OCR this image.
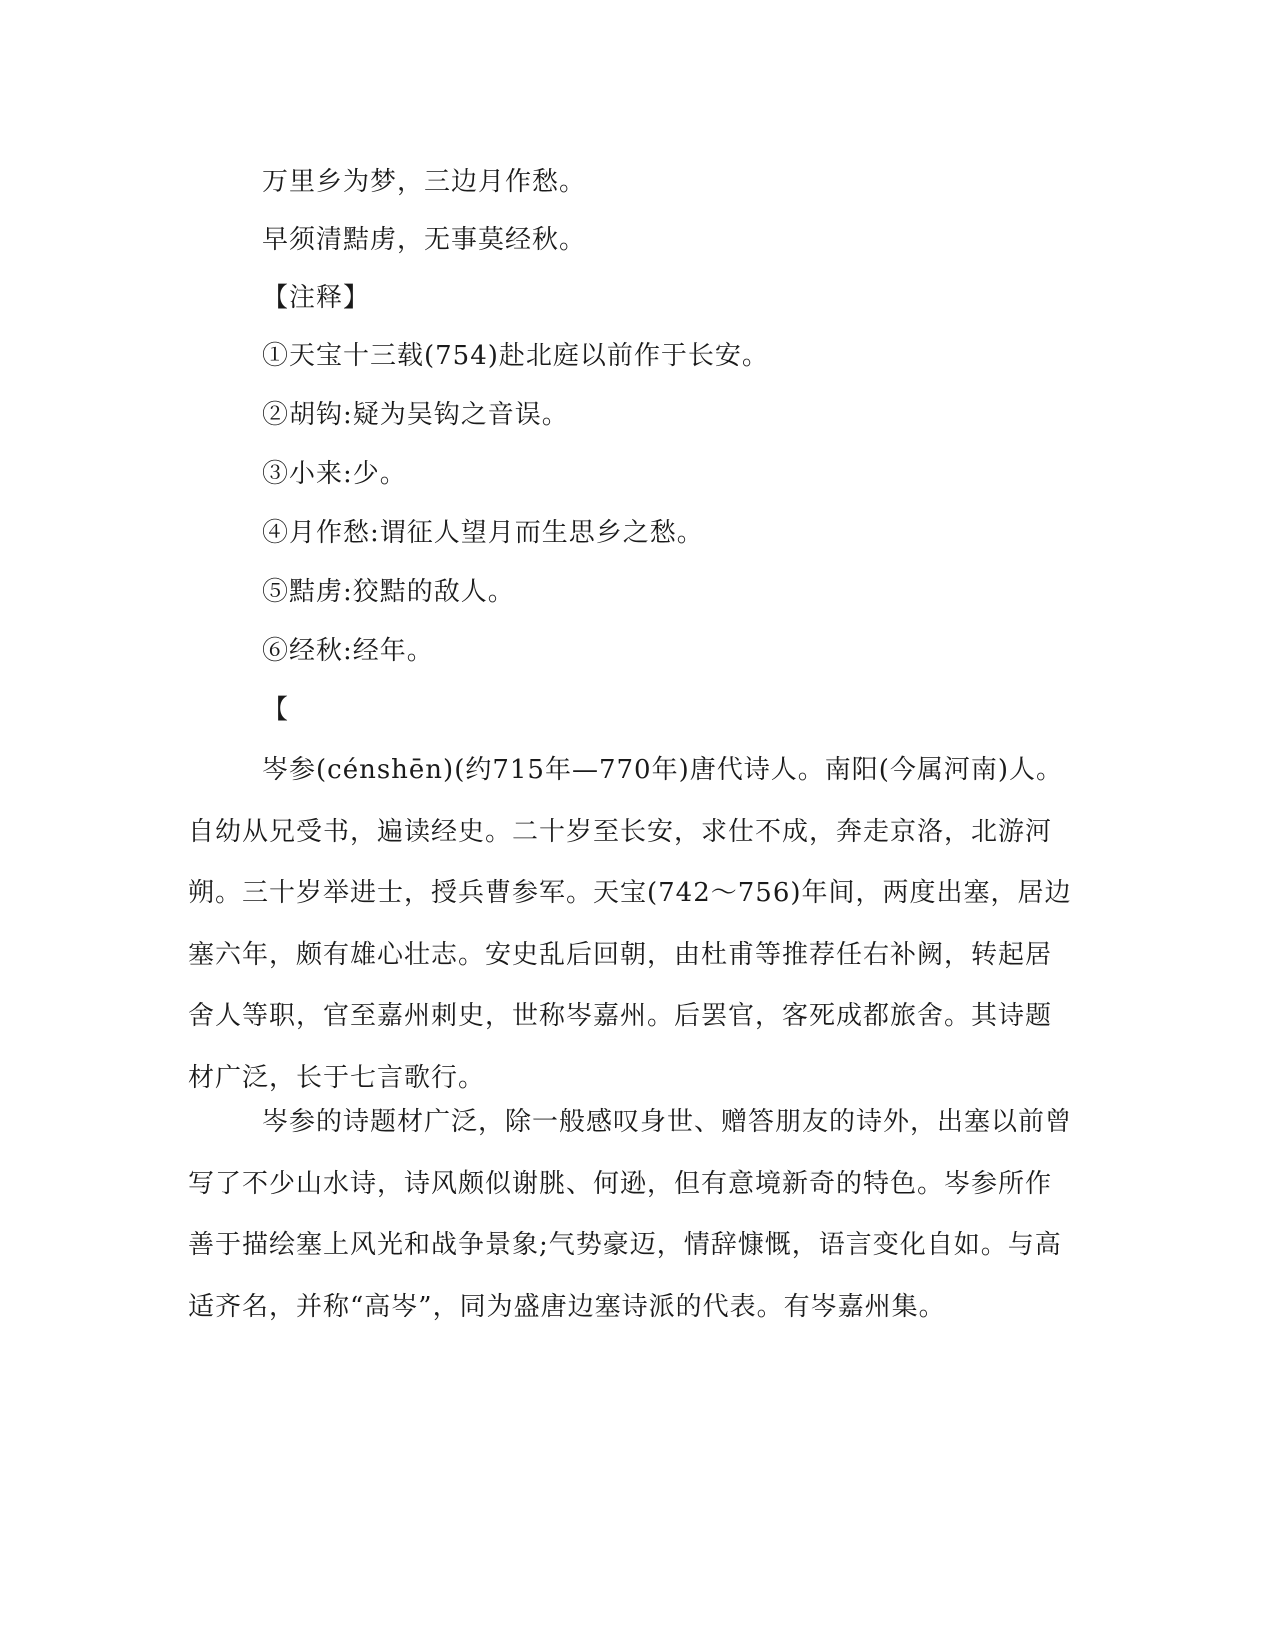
万里乡为梦，三边月作愁。
早须清黠虏，无事莫经秋。
【注释】
①天宝十三载(754)赴北庭以前作于长安。
②胡钩:疑为吴钩之音误。
③小来:少。
④月作愁:谓征人望月而生思乡之愁。
⑤黠虏:狡黠的敌人。
⑥经秋:经年。
【

岑参(cénshēn)(约715年—770年)唐代诗人。南阳(今属河南)人。自幼从兄受书，遍读经史。二十岁至长安，求仕不成，奔走京洛，北游河朔。三十岁举进士，授兵曹参军。天宝(742～756)年间，两度出塞，居边塞六年，颇有雄心壮志。安史乱后回朝，由杜甫等推荐任右补阙，转起居舍人等职，官至嘉州刺史，世称岑嘉州。后罢官，客死成都旅舍。其诗题材广泛，长于七言歌行。

岑参的诗题材广泛，除一般感叹身世、赠答朋友的诗外，出塞以前曾写了不少山水诗，诗风颇似谢朓、何逊，但有意境新奇的特色。岑参所作善于描绘塞上风光和战争景象;气势豪迈，情辞慷慨，语言变化自如。与高适齐名，并称“高岑”，同为盛唐边塞诗派的代表。有岑嘉州集。
